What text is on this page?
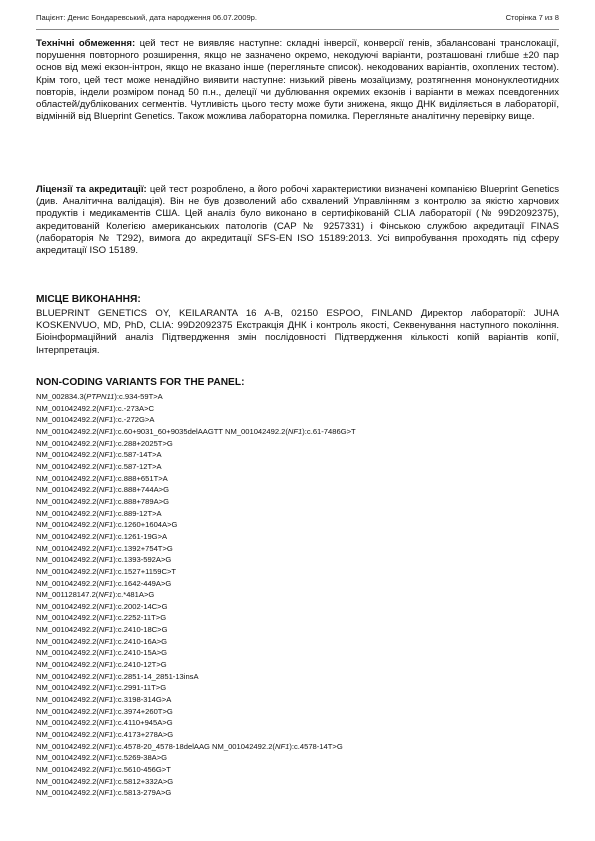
Пацієнт: Денис Бондаревський, дата народження 06.07.2009р.	Сторінка 7 из 8
Технічні обмеження: цей тест не виявляє наступне: складні інверсії, конверсії генів, збалансовані транслокації, порушення повторного розширення, якщо не зазначено окремо, некодуючі варіанти, розташовані глибше ±20 пар основ від межі екзон-інтрон, якщо не вказано інше (перегляньте список). некодованих варіантів, охоплених тестом). Крім того, цей тест може ненадійно виявити наступне: низький рівень мозаїцизму, розтягнення мононуклеотидних повторів, індели розміром понад 50 п.н., делеції чи дублювання окремих екзонів і варіанти в межах псевдогенних областей/дублікованих сегментів. Чутливість цього тесту може бути знижена, якщо ДНК виділяється в лабораторії, відмінній від Blueprint Genetics. Також можлива лабораторна помилка. Перегляньте аналітичну перевірку вище.
Ліцензії та акредитації: цей тест розроблено, а його робочі характеристики визначені компанією Blueprint Genetics (див. Аналітична валідація). Він не був дозволений або схвалений Управлінням з контролю за якістю харчових продуктів і медикаментів США. Цей аналіз було виконано в сертифікованій CLIA лабораторії (№ 99D2092375), акредитованій Колегією американських патологів (CAP № 9257331) і Фінською службою акредитації FINAS (лабораторія № T292), вимога до акредитації SFS-EN ISO 15189:2013. Усі випробування проходять під сферу акредитації ISO 15189.
МІСЦЕ ВИКОНАННЯ:
BLUEPRINT GENETICS OY, KEILARANTA 16 A-B, 02150 ESPOO, FINLAND Директор лабораторії: JUHA KOSKENVUO, MD, PhD, CLIA: 99D2092375 Екстракція ДНК і контроль якості, Секвенування наступного покоління. Біоінформаційний аналіз Підтвердження змін послідовності Підтвердження кількості копій варіантів копії, Інтерпретація.
NON-CODING VARIANTS FOR THE PANEL:
NM_002834.3(PTPN11):c.934-59T>A
NM_001042492.2(NF1):c.-273A>C
NM_001042492.2(NF1):c.-272G>A
NM_001042492.2(NF1):c.60+9031_60+9035delAAGTT NM_001042492.2(NF1):c.61-7486G>T
NM_001042492.2(NF1):c.288+2025T>G
NM_001042492.2(NF1):c.587-14T>A
NM_001042492.2(NF1):c.587-12T>A
NM_001042492.2(NF1):c.888+651T>A
NM_001042492.2(NF1):c.888+744A>G
NM_001042492.2(NF1):c.888+789A>G
NM_001042492.2(NF1):c.889-12T>A
NM_001042492.2(NF1):c.1260+1604A>G
NM_001042492.2(NF1):c.1261-19G>A
NM_001042492.2(NF1):c.1392+754T>G
NM_001042492.2(NF1):c.1393-592A>G
NM_001042492.2(NF1):c.1527+1159C>T
NM_001042492.2(NF1):c.1642-449A>G
NM_001128147.2(NF1):c.*481A>G
NM_001042492.2(NF1):c.2002-14C>G
NM_001042492.2(NF1):c.2252-11T>G
NM_001042492.2(NF1):c.2410-18C>G
NM_001042492.2(NF1):c.2410-16A>G
NM_001042492.2(NF1):c.2410-15A>G
NM_001042492.2(NF1):c.2410-12T>G
NM_001042492.2(NF1):c.2851-14_2851-13insA
NM_001042492.2(NF1):c.2991-11T>G
NM_001042492.2(NF1):c.3198-314G>A
NM_001042492.2(NF1):c.3974+260T>G
NM_001042492.2(NF1):c.4110+945A>G
NM_001042492.2(NF1):c.4173+278A>G
NM_001042492.2(NF1):c.4578-20_4578-18delAAG NM_001042492.2(NF1):c.4578-14T>G
NM_001042492.2(NF1):c.5269-38A>G
NM_001042492.2(NF1):c.5610-456G>T
NM_001042492.2(NF1):c.5812+332A>G
NM_001042492.2(NF1):c.5813-279A>G
